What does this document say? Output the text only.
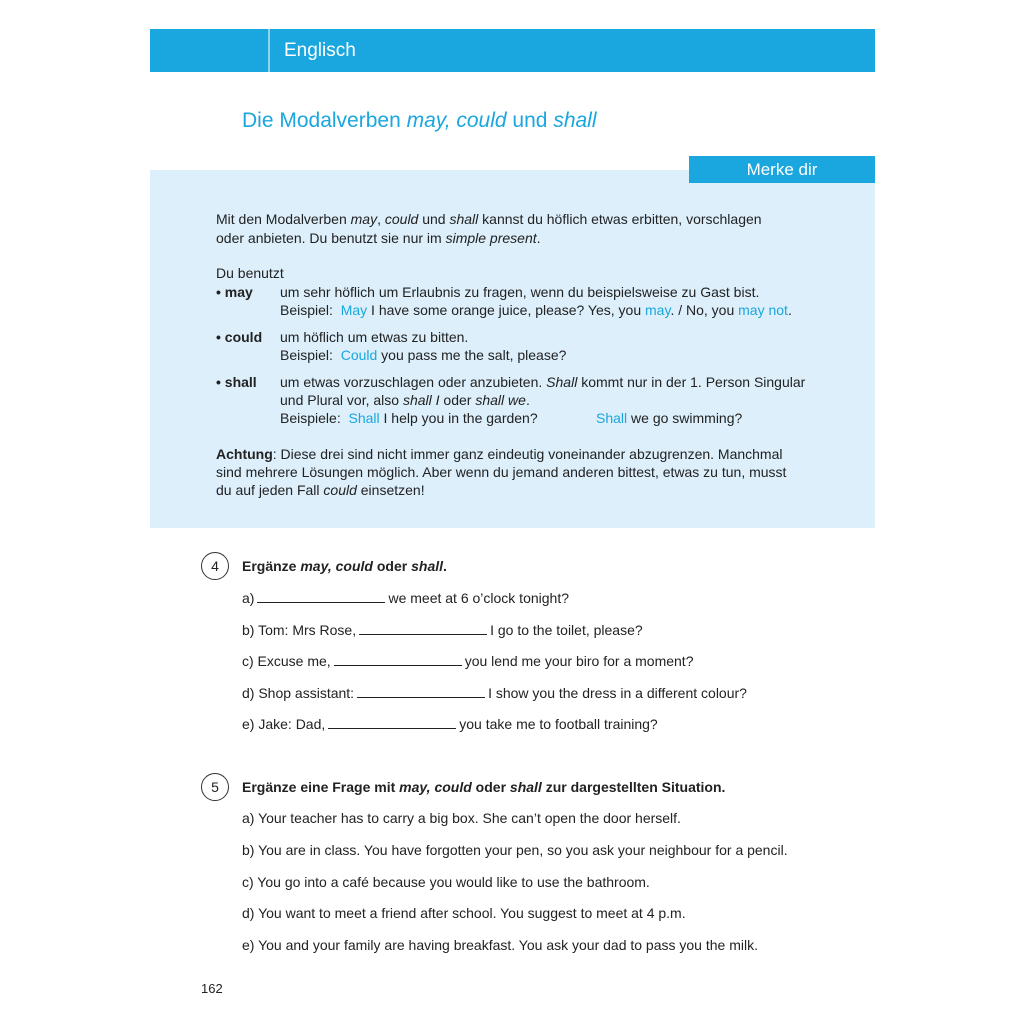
Englisch
Die Modalverben may, could und shall
Merke dir
Mit den Modalverben may, could und shall kannst du höflich etwas erbitten, vorschlagen
oder anbieten. Du benutzt sie nur im simple present.
Du benutzt
• may um sehr höflich um Erlaubnis zu fragen, wenn du beispielsweise zu Gast bist.
Beispiel: May I have some orange juice, please? Yes, you may. / No, you may not.
• could um höflich um etwas zu bitten.
Beispiel: Could you pass me the salt, please?
• shall um etwas vorzuschlagen oder anzubieten. Shall kommt nur in der 1. Person Singular
und Plural vor, also shall I oder shall we.
Beispiele: Shall I help you in the garden?	Shall we go swimming?
Achtung: Diese drei sind nicht immer ganz eindeutig voneinander abzugrenzen. Manchmal
sind mehrere Lösungen möglich. Aber wenn du jemand anderen bittest, etwas zu tun, musst
du auf jeden Fall could einsetzen!
4	Ergänze may, could oder shall.
a)	we meet at 6 o’clock tonight?
b) Tom: Mrs Rose,	I go to the toilet, please?
c) Excuse me,	you lend me your biro for a moment?
d) Shop assistant:	I show you the dress in a different colour?
e) Jake: Dad,	you take me to football training?
5	Ergänze eine Frage mit may, could oder shall zur dargestellten Situation.
a) Your teacher has to carry a big box. She can’t open the door herself.
b) You are in class. You have forgotten your pen, so you ask your neighbour for a pencil.
c) You go into a café because you would like to use the bathroom.
d) You want to meet a friend after school. You suggest to meet at 4 p.m.
e) You and your family are having breakfast. You ask your dad to pass you the milk.
162
